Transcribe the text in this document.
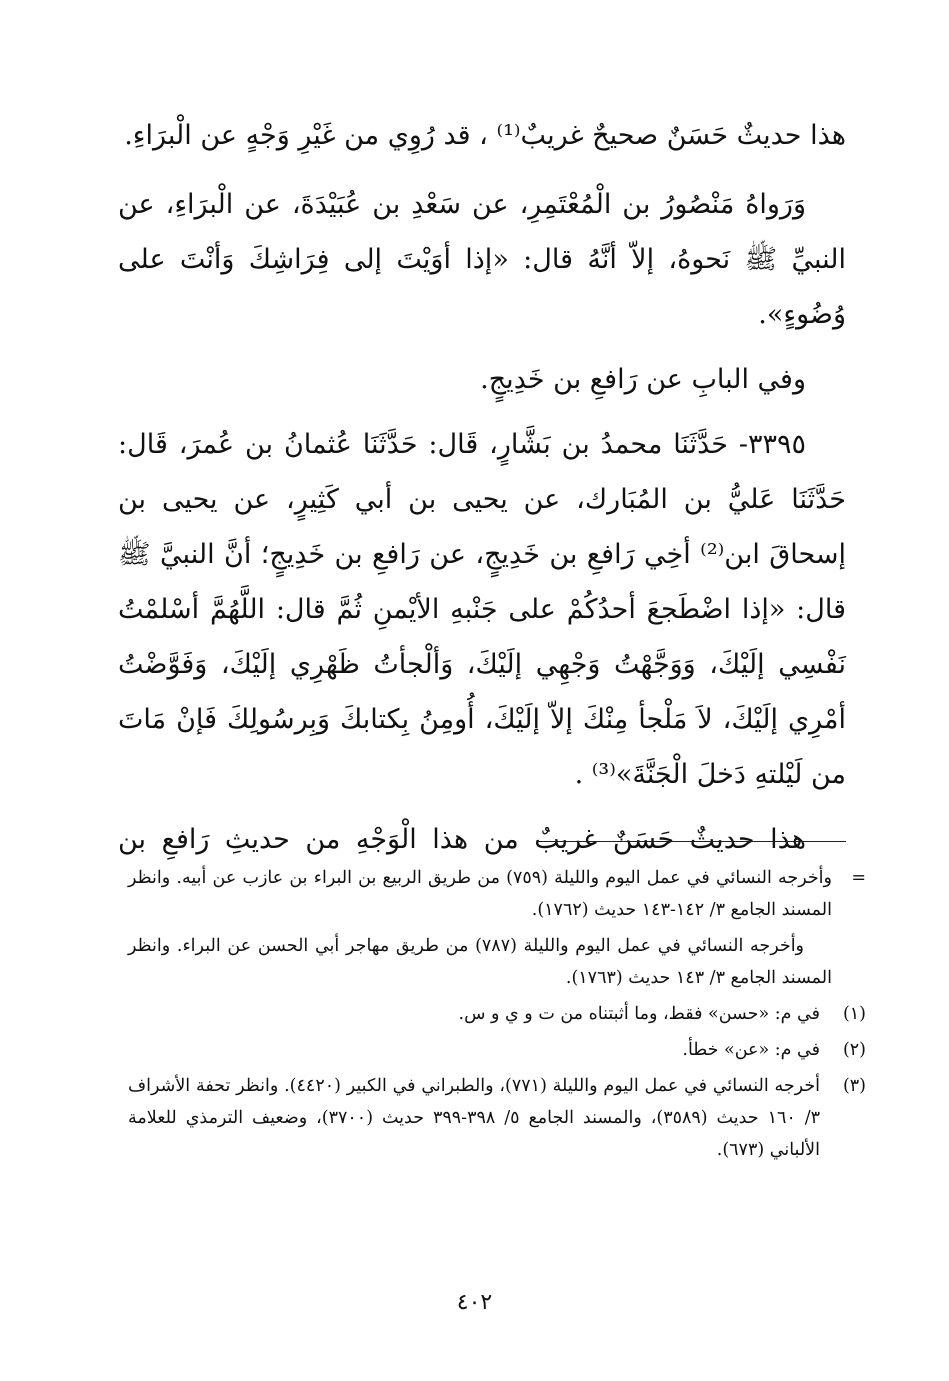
هذا حديثٌ حَسَنٌ صحيحٌ غريبٌ⁽¹⁾ ، قد رُوِي من غَيْرِ وَجْهٍ عن الْبرَاءِ.

وَرَواهُ مَنْصُورُ بن الْمُعْتَمِرِ، عن سَعْدِ بن عُبَيْدَةَ، عن الْبرَاءِ، عن النبيِّ ﷺ نَحوهُ، إلاّ أنَّهُ قال: «إذا أوَيْتَ إلى فِرَاشِكَ وَأنْتَ على وُضُوءٍ».

وفي البابِ عن رَافعِ بن خَدِيجٍ.

٣٣٩٥- حَدَّثَنَا محمدُ بن بَشَّارٍ، قَال: حَدَّثَنَا عُثمانُ بن عُمرَ، قَال: حَدَّثَنَا عَليُّ بن المُبَارك، عن يحيى بن أبي كَثِيرٍ، عن يحيى بن إسحاقَ ابن⁽²⁾ أخِي رَافعِ بن خَدِيجٍ، عن رَافعِ بن خَدِيجٍ؛ أنَّ النبيَّ ﷺ قال: «إذا اضْطَجعَ أحدُكُمْ على جَنْبهِ الأيْمنِ ثُمَّ قال: اللَّهُمَّ أسْلمْتُ نَفْسِي إلَيْكَ، وَوَجَّهْتُ وَجْهِي إلَيْكَ، وَألْجأتُ ظَهْرِي إلَيْكَ، وَفَوَّضْتُ أمْرِي إلَيْكَ، لاَ مَلْجأ مِنْكَ إلاّ إلَيْكَ، أُومِنُ بِكتابكَ وَبِرسُولِكَ فَإنْ مَاتَ من لَيْلتهِ دَخلَ الْجَنَّةَ»⁽³⁾ .

هذا حديثٌ حَسَنٌ غريبٌ من هذا الْوَجْهِ من حديثِ رَافعِ بن

=
وأخرجه النسائي في عمل اليوم والليلة (٧٥٩) من طريق الربيع بن البراء بن عازب عن أبيه. وانظر المسند الجامع ٣/ ١٤٢-١٤٣ حديث (١٧٦٢).
وأخرجه النسائي في عمل اليوم والليلة (٧٨٧) من طريق مهاجر أبي الحسن عن البراء. وانظر المسند الجامع ٣/ ١٤٣ حديث (١٧٦٣).
(١)
في م: «حسن» فقط، وما أثبتناه من ت و ي و س.
(٢)
في م: «عن» خطأ.
(٣)
أخرجه النسائي في عمل اليوم والليلة (٧٧١)، والطبراني في الكبير (٤٤٢٠). وانظر تحفة الأشراف ٣/ ١٦٠ حديث (٣٥٨٩)، والمسند الجامع ٥/ ٣٩٨-٣٩٩ حديث (٣٧٠٠)، وضعيف الترمذي للعلامة الألباني (٦٧٣).
٤٠٢
